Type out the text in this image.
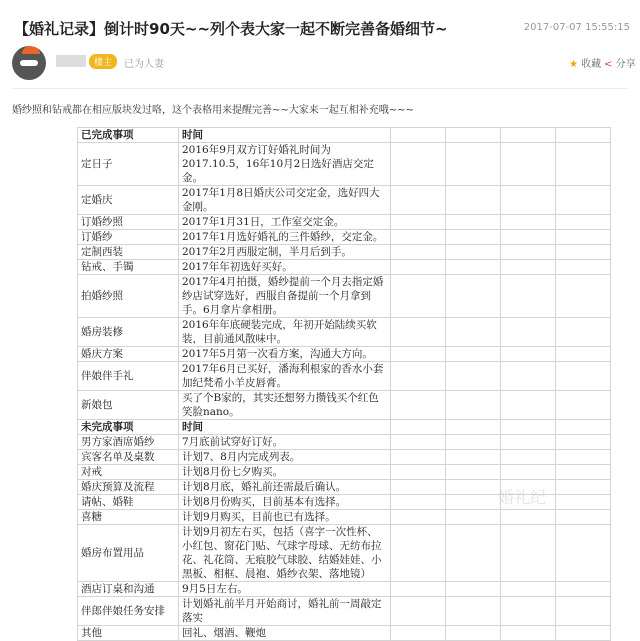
【婚礼记录】倒计时90天~~列个表大家一起不断完善备婚细节~	2017-07-07 15:55:15
楼主	已为人妻	★ 收藏 < 分享
婚纱照和钻戒都在相应版块发过咯，这个表格用来提醒完善~~大家来一起互相补充哦~~~
已完成事项	时间				
定日子	2016年9月双方订好婚礼时间为2017.10.5，16年10月2日选好酒店交定金。				
定婚庆	2017年1月8日婚庆公司交定金，选好四大金刚。				
订婚纱照	2017年1月31日，工作室交定金。				
订婚纱	2017年1月选好婚礼的三件婚纱，交定金。				
定制西装	2017年2月西服定制，半月后到手。				
钻戒、手镯	2017年年初选好买好。				
拍婚纱照	2017年4月拍摄，婚纱提前一个月去指定婚纱店试穿选好，西服自备提前一个月拿到手。6月拿片拿相册。				
婚房装修	2016年年底硬装完成，年初开始陆续买软装，目前通风散味中。				
婚庆方案	2017年5月第一次看方案，沟通大方向。				
伴娘伴手礼	2017年6月已买好，潘海利根家的香水小套加纪梵希小羊皮唇膏。				
新娘包	买了个B家的，其实还想努力攒钱买个红色笑脸nano。				
未完成事项	时间				
男方家酒席婚纱	7月底前试穿好订好。				
宾客名单及桌数	计划7、8月内完成列表。				
对戒	计划8月份七夕购买。				
婚庆预算及流程	计划8月底，婚礼前还需最后确认。				
请帖、婚鞋	计划8月份购买，目前基本有选择。				
喜糖	计划9月购买，目前也已有选择。				
婚房布置用品	计划9月初左右买，包括（喜字一次性杯、小红包、窗花门贴、气球字母球、无纺布拉花、礼花筒、无痕胶气球胶、结婚娃娃、小黑板、相框、晨袍、婚纱衣架、落地镜）				
酒店订桌和沟通	9月5日左右。				
伴郎伴娘任务安排	计划婚礼前半月开始商讨，婚礼前一周敲定落实				
其他	回礼、烟酒、鞭炮				
婚礼纪
